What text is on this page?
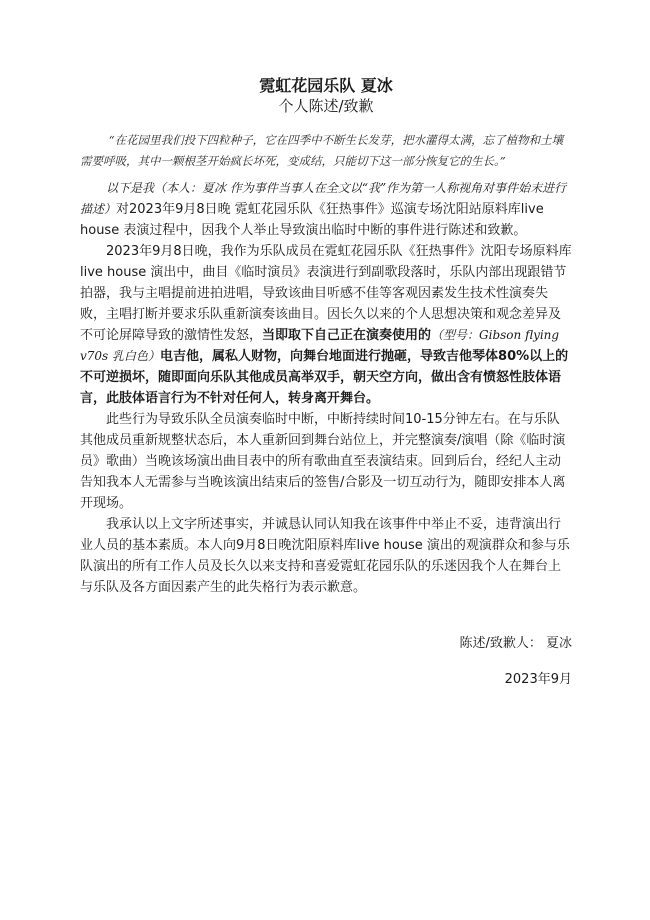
霓虹花园乐队 夏冰

个人陈述/致歉

“在花园里我们投下四粒种子，它在四季中不断生长发芽，把水灌得太满，忘了植物和土壤需要呼吸，其中一颗根茎开始疯长坏死，变成结，只能切下这一部分恢复它的生长。”

以下是我（本人：夏冰 作为事件当事人在全文以“我”作为第一人称视角对事件始末进行描述）对2023年9月8日晚 霓虹花园乐队《狂热事件》巡演专场沈阳站原料库live house 表演过程中，因我个人举止导致演出临时中断的事件进行陈述和致歉。

2023年9月8日晚，我作为乐队成员在霓虹花园乐队《狂热事件》沈阳专场原料库live house 演出中，曲目《临时演员》表演进行到副歌段落时，乐队内部出现跟错节拍器，我与主唱提前进拍进唱，导致该曲目听感不佳等客观因素发生技术性演奏失败，主唱打断并要求乐队重新演奏该曲目。因长久以来的个人思想决策和观念差异及不可论屏障导致的激情性发怒，当即取下自己正在演奏使用的（型号：Gibson flying v70s 乳白色）电吉他，属私人财物，向舞台地面进行抛砸，导致吉他琴体80%以上的不可逆损坏，随即面向乐队其他成员高举双手，朝天空方向，做出含有愤怒性肢体语言，此肢体语言行为不针对任何人，转身离开舞台。

此些行为导致乐队全员演奏临时中断，中断持续时间10-15分钟左右。在与乐队其他成员重新规整状态后，本人重新回到舞台站位上，并完整演奏/演唱（除《临时演员》歌曲）当晚该场演出曲目表中的所有歌曲直至表演结束。回到后台，经纪人主动告知我本人无需参与当晚该演出结束后的签售/合影及一切互动行为，随即安排本人离开现场。

我承认以上文字所述事实，并诚恳认同认知我在该事件中举止不妥，违背演出行业人员的基本素质。本人向9月8日晚沈阳原料库live house 演出的观演群众和参与乐队演出的所有工作人员及长久以来支持和喜爱霓虹花园乐队的乐迷因我个人在舞台上与乐队及各方面因素产生的此失格行为表示歉意。

陈述/致歉人： 夏冰

2023年9月
